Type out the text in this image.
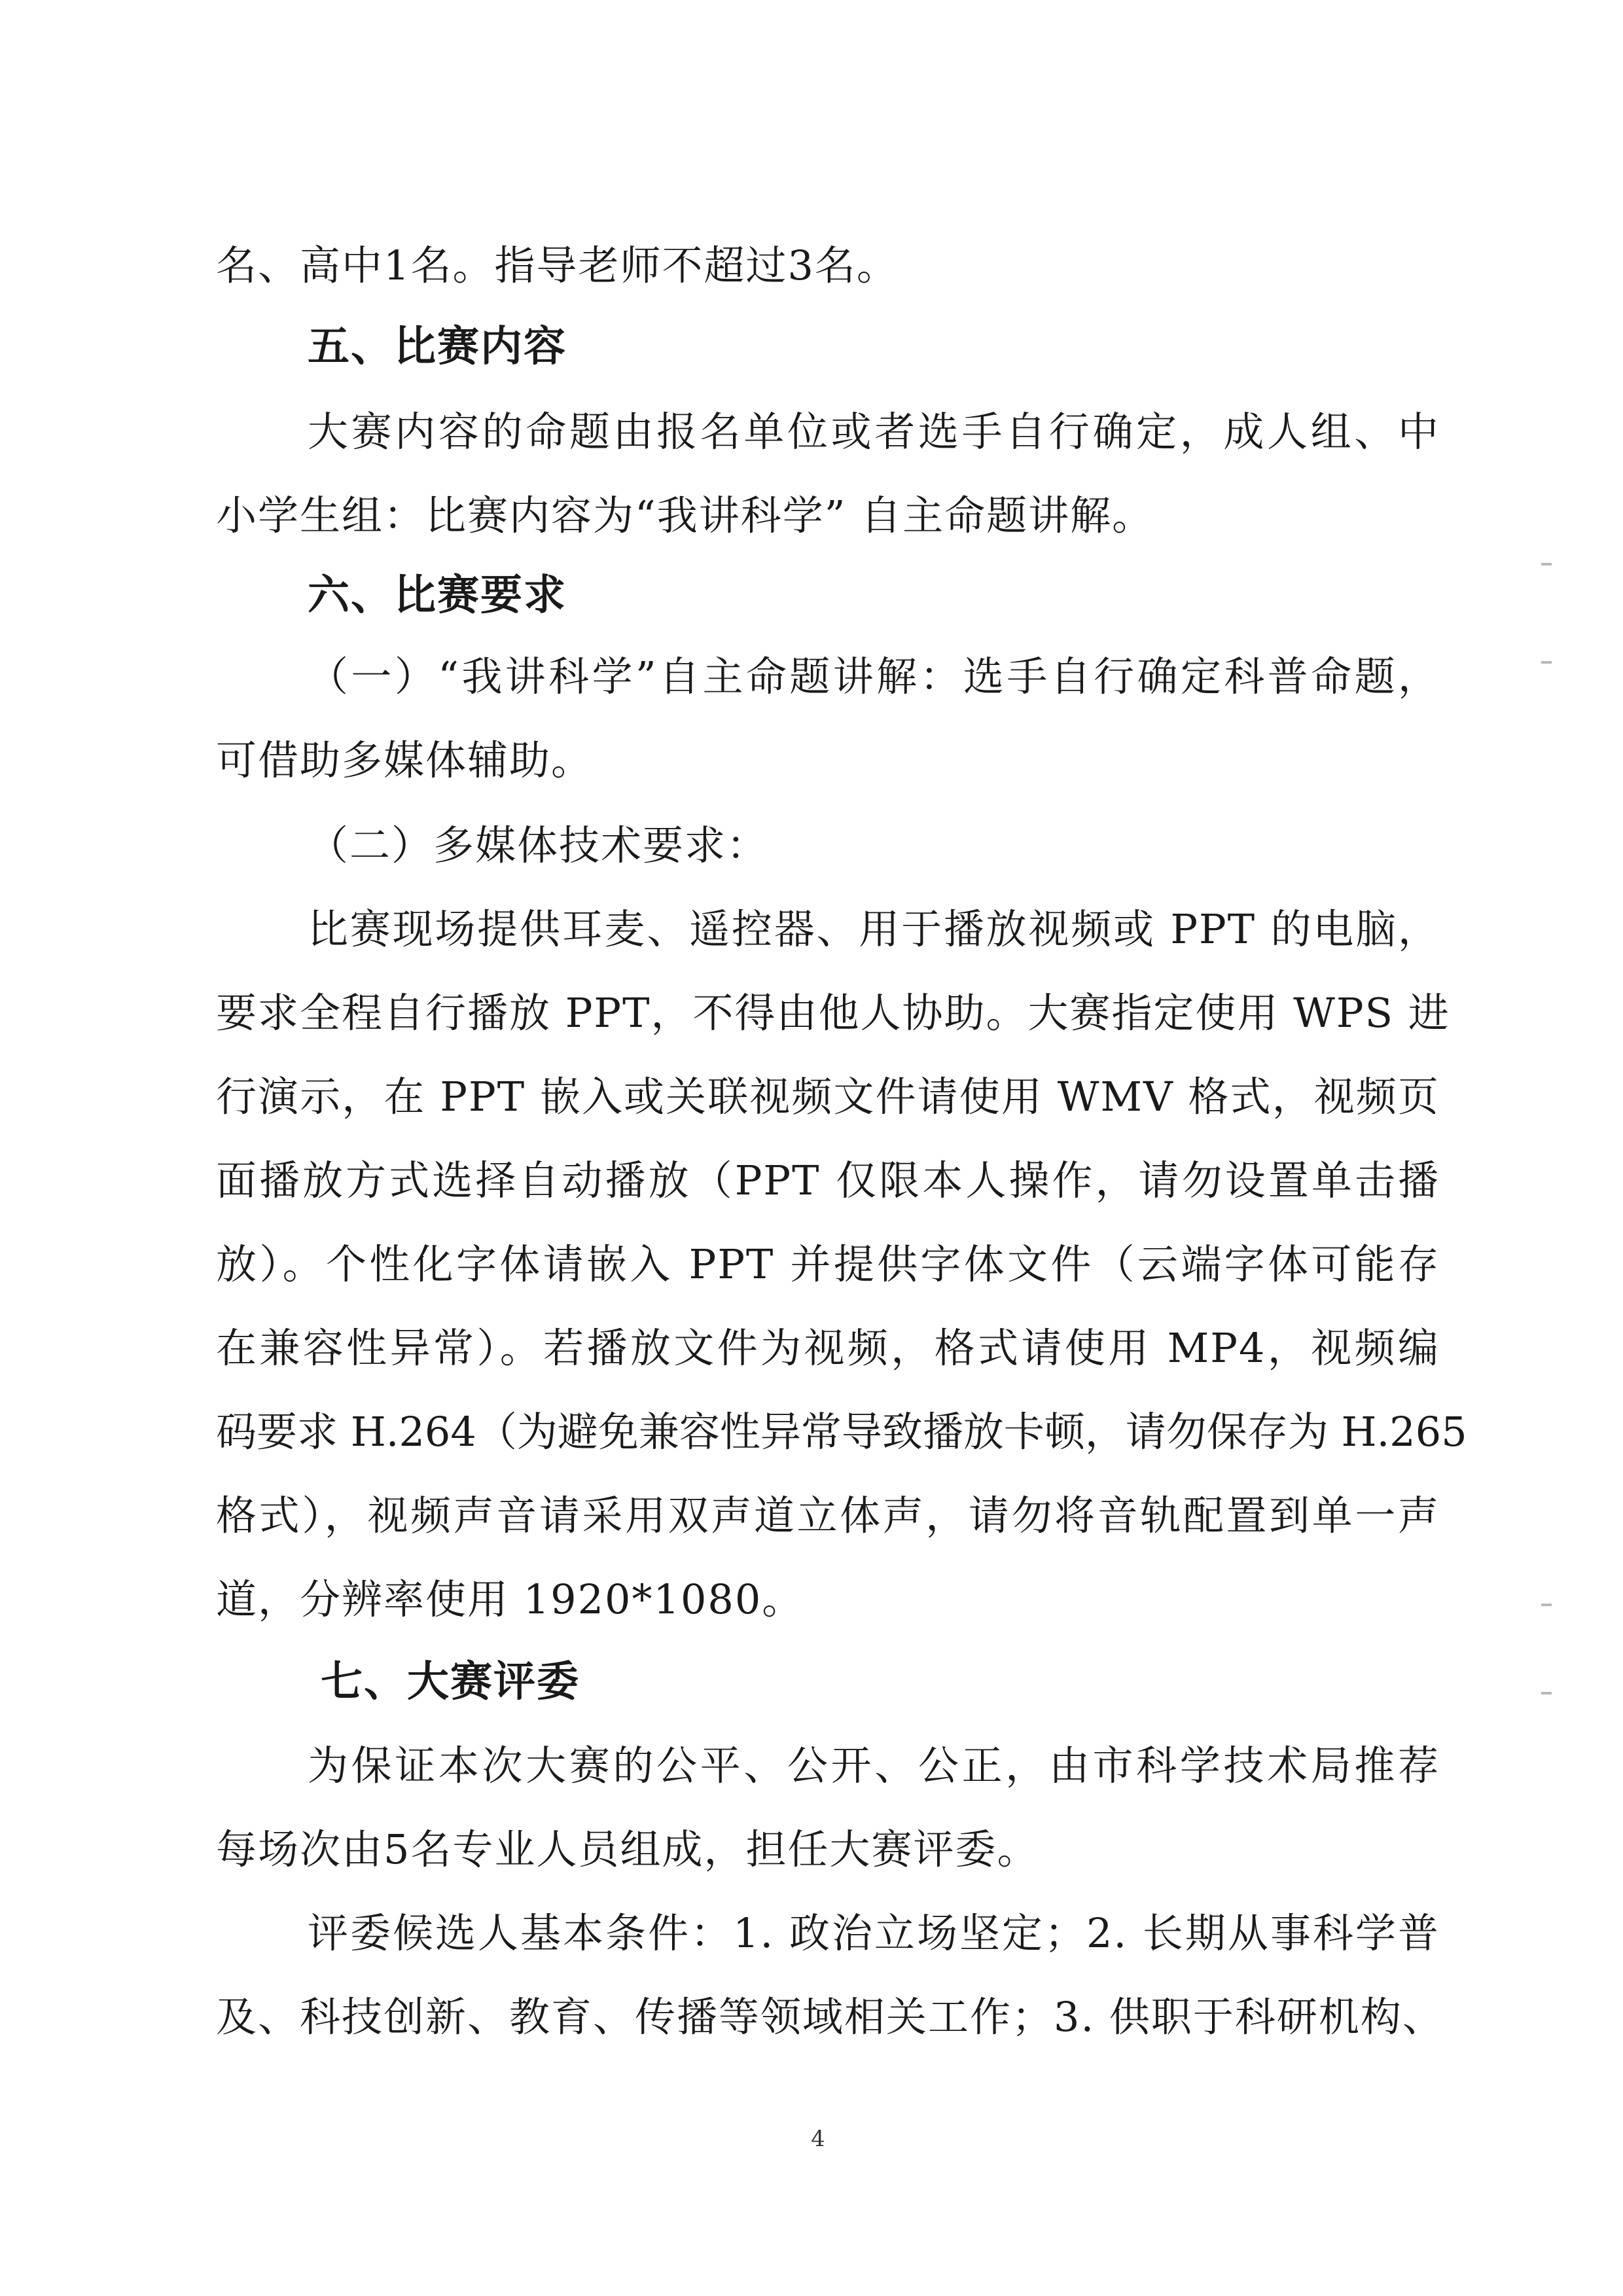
名、高中1名。指导老师不超过3名。
五、比赛内容
大赛内容的命题由报名单位或者选手自行确定，成人组、中
小学生组：比赛内容为“我讲科学” 自主命题讲解。
六、比赛要求
（一）“我讲科学”自主命题讲解：选手自行确定科普命题，
可借助多媒体辅助。
（二）多媒体技术要求：
比赛现场提供耳麦、遥控器、用于播放视频或 PPT 的电脑，
要求全程自行播放 PPT，不得由他人协助。大赛指定使用 WPS 进
行演示，在 PPT 嵌入或关联视频文件请使用 WMV 格式，视频页
面播放方式选择自动播放（PPT 仅限本人操作，请勿设置单击播
放）。个性化字体请嵌入 PPT 并提供字体文件（云端字体可能存
在兼容性异常）。若播放文件为视频，格式请使用 MP4，视频编
码要求 H.264（为避免兼容性异常导致播放卡顿，请勿保存为 H.265
格式），视频声音请采用双声道立体声，请勿将音轨配置到单一声
道，分辨率使用 1920*1080。
七、大赛评委
为保证本次大赛的公平、公开、公正，由市科学技术局推荐
每场次由5名专业人员组成，担任大赛评委。
评委候选人基本条件：1. 政治立场坚定；2. 长期从事科学普
及、科技创新、教育、传播等领域相关工作；3. 供职于科研机构、
4
